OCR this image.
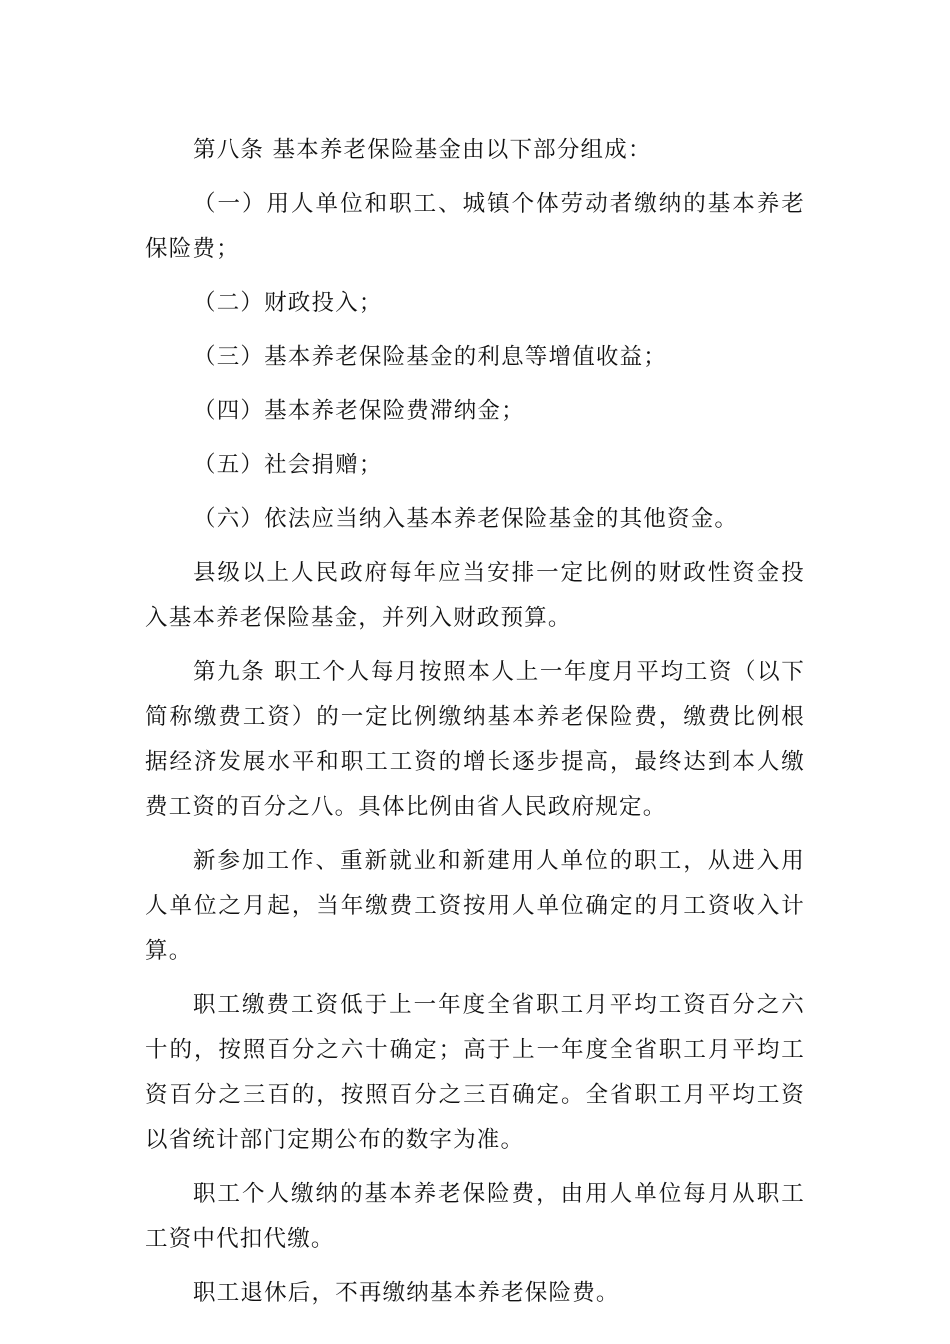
第八条 基本养老保险基金由以下部分组成：

（一）用人单位和职工、城镇个体劳动者缴纳的基本养老保险费；

（二）财政投入；

（三）基本养老保险基金的利息等增值收益；

（四）基本养老保险费滞纳金；

（五）社会捐赠；

（六）依法应当纳入基本养老保险基金的其他资金。

县级以上人民政府每年应当安排一定比例的财政性资金投入基本养老保险基金，并列入财政预算。

第九条 职工个人每月按照本人上一年度月平均工资（以下简称缴费工资）的一定比例缴纳基本养老保险费，缴费比例根据经济发展水平和职工工资的增长逐步提高，最终达到本人缴费工资的百分之八。具体比例由省人民政府规定。

新参加工作、重新就业和新建用人单位的职工，从进入用人单位之月起，当年缴费工资按用人单位确定的月工资收入计算。

职工缴费工资低于上一年度全省职工月平均工资百分之六十的，按照百分之六十确定；高于上一年度全省职工月平均工资百分之三百的，按照百分之三百确定。全省职工月平均工资以省统计部门定期公布的数字为准。

职工个人缴纳的基本养老保险费，由用人单位每月从职工工资中代扣代缴。

职工退休后，不再缴纳基本养老保险费。
